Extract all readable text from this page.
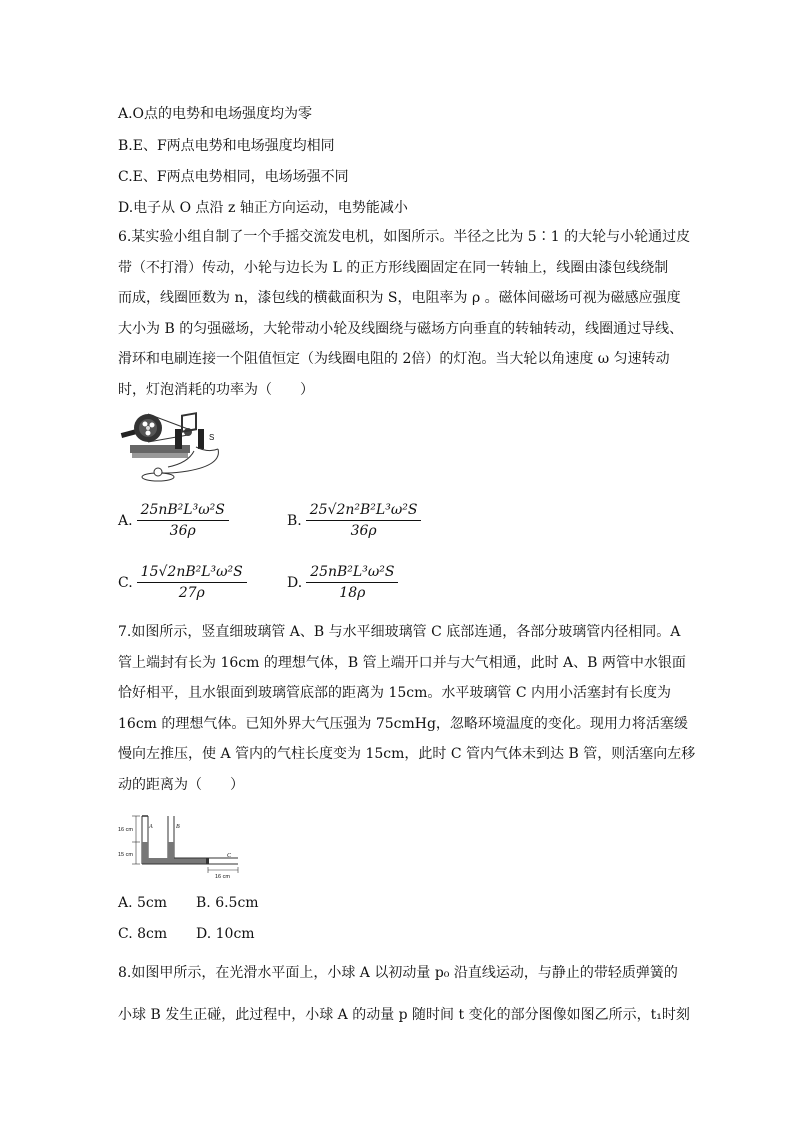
A.O点的电势和电场强度均为零
B.E、F两点电势和电场强度均相同
C.E、F两点电势相同，电场场强不同
D.电子从 O 点沿 z 轴正方向运动，电势能减小

6.某实验小组自制了一个手摇交流发电机，如图所示。半径之比为 5∶1 的大轮与小轮通过皮

带（不打滑）传动，小轮与边长为 L 的正方形线圈固定在同一转轴上，线圈由漆包线绕制

而成，线圈匝数为 n，漆包线的横截面积为 S，电阻率为 ρ 。磁体间磁场可视为磁感应强度

大小为 B 的匀强磁场，大轮带动小轮及线圈绕与磁场方向垂直的转轴转动，线圈通过导线、

滑环和电刷连接一个阻值恒定（为线圈电阻的 2倍）的灯泡。当大轮以角速度 ω 匀速转动

时，灯泡消耗的功率为（　　）

S
A. $\frac{\text{25nB²L³ω²S}}{36\rho}$	B. $\frac{\text{25√2n²B²L³ω²S}}{36\rho}$
C. $\frac{\text{15√2nB²L³ω²S}}{27\rho}$	D. $\frac{\text{25nB²L³ω²S}}{18\rho}$

7.如图所示，竖直细玻璃管 A、B 与水平细玻璃管 C 底部连通，各部分玻璃管内径相同。A

管上端封有长为 16cm 的理想气体，B 管上端开口并与大气相通，此时 A、B 两管中水银面

恰好相平，且水银面到玻璃管底部的距离为 15cm。水平玻璃管 C 内用小活塞封有长度为

16cm 的理想气体。已知外界大气压强为 75cmHg，忽略环境温度的变化。现用力将活塞缓

慢向左推压，使 A 管内的气柱长度变为 15cm，此时 C 管内气体未到达 B 管，则活塞向左移

动的距离为（　　）

16 cm
15 cm
A	B
C
16 cm
A. 5cm B. 6.5cm
C. 8cm D. 10cm
8.如图甲所示，在光滑水平面上，小球 A 以初动量 p₀ 沿直线运动，与静止的带轻质弹簧的
小球 B 发生正碰，此过程中，小球 A 的动量 p 随时间 t 变化的部分图像如图乙所示，t₁时刻
